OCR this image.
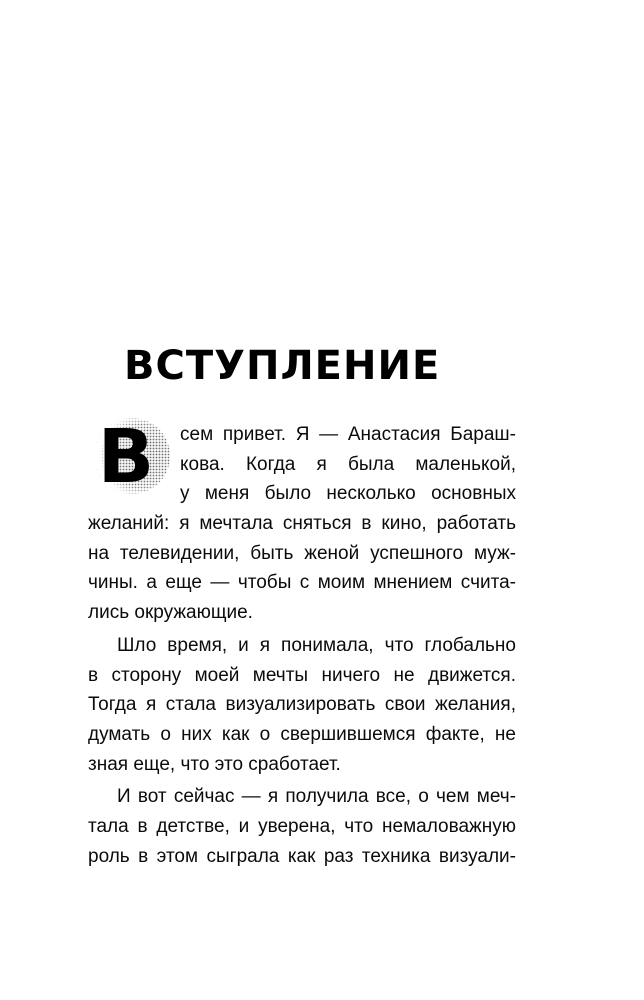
ВСТУПЛЕНИЕ
В	сем привет. Я — Анастасия Бараш-
кова. Когда я была маленькой,
у меня было несколько основных
желаний: я мечтала сняться в кино, работать
на телевидении, быть женой успешного муж-
чины. а еще — чтобы с моим мнением счита-
лись окружающие.
Шло время, и я понимала, что глобально
в сторону моей мечты ничего не движется.
Тогда я стала визуализировать свои желания,
думать о них как о свершившемся факте, не
зная еще, что это сработает.
И вот сейчас — я получила все, о чем меч-
тала в детстве, и уверена, что немаловажную
роль в этом сыграла как раз техника визуали-
